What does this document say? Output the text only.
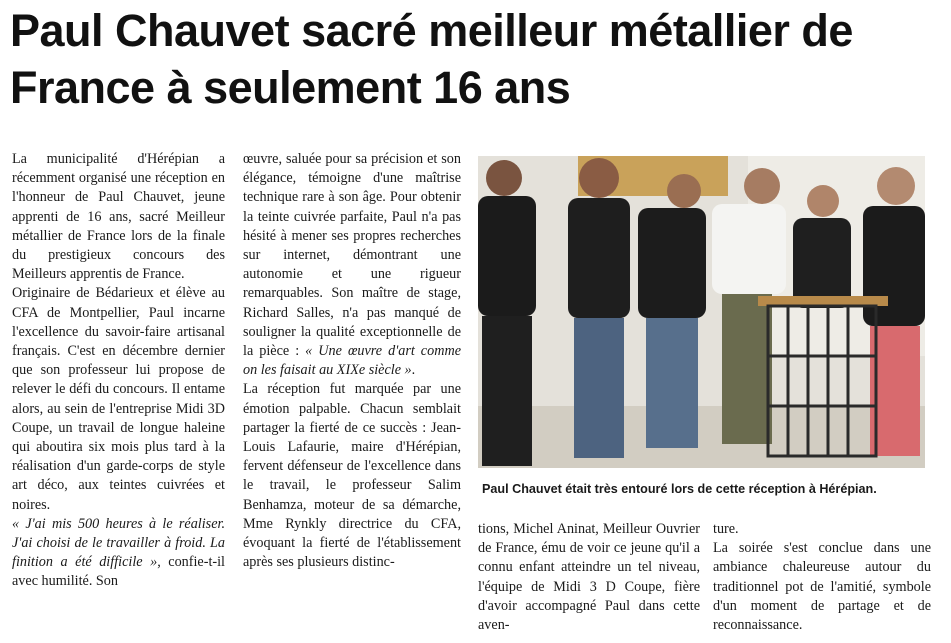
Paul Chauvet sacré meilleur métallier de France à seulement 16 ans

La municipalité d'Hérépian a récemment organisé une réception en l'honneur de Paul Chauvet, jeune apprenti de 16 ans, sacré Meilleur métallier de France lors de la finale du prestigieux concours des Meilleurs apprentis de France.

Originaire de Bédarieux et élève au CFA de Montpellier, Paul incarne l'excellence du savoir-faire artisanal français. C'est en décembre dernier que son professeur lui propose de relever le défi du concours. Il entame alors, au sein de l'entreprise Midi 3D Coupe, un travail de longue haleine qui aboutira six mois plus tard à la réalisation d'un garde-corps de style art déco, aux teintes cuivrées et noires.

« J'ai mis 500 heures à le réaliser. J'ai choisi de le travailler à froid. La finition a été difficile », confie-t-il avec humilité. Son

œuvre, saluée pour sa précision et son élégance, témoigne d'une maîtrise technique rare à son âge. Pour obtenir la teinte cuivrée parfaite, Paul n'a pas hésité à mener ses propres recherches sur internet, démontrant une autonomie et une rigueur remarquables. Son maître de stage, Richard Salles, n'a pas manqué de souligner la qualité exceptionnelle de la pièce : « Une œuvre d'art comme on les faisait au XIXe siècle ».

La réception fut marquée par une émotion palpable. Chacun semblait partager la fierté de ce succès : Jean-Louis Lafaurie, maire d'Hérépian, fervent défenseur de l'excellence dans le travail, le professeur Salim Benhamza, moteur de sa démarche, Mme Rynkly directrice du CFA, évoquant la fierté de l'établissement après ses plusieurs distinc-

Paul Chauvet était très entouré lors de cette réception à Hérépian.

tions, Michel Aninat, Meilleur Ouvrier de France, ému de voir ce jeune qu'il a connu enfant atteindre un tel niveau, l'équipe de Midi 3 D Coupe, fière d'avoir accompagné Paul dans cette aven-

ture.

La soirée s'est conclue dans une ambiance chaleureuse autour du traditionnel pot de l'amitié, symbole d'un moment de partage et de reconnaissance.
